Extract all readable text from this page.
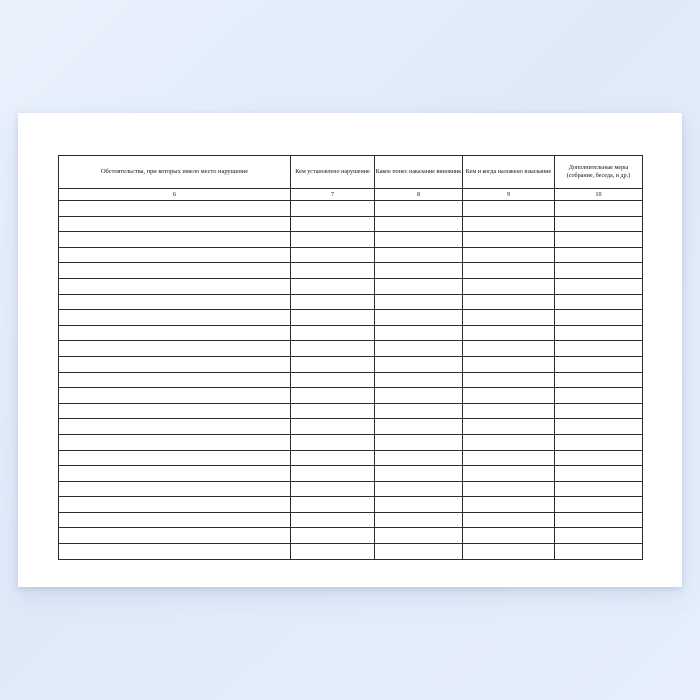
Обстоятельства, при которых имело место нарушение	Кем установлено нарушение	Какое понес наказание виновник	Кем и когда наложено взыскание	Дополнительные меры (собрание, беседа, и др.)
6	7	8	9	10
